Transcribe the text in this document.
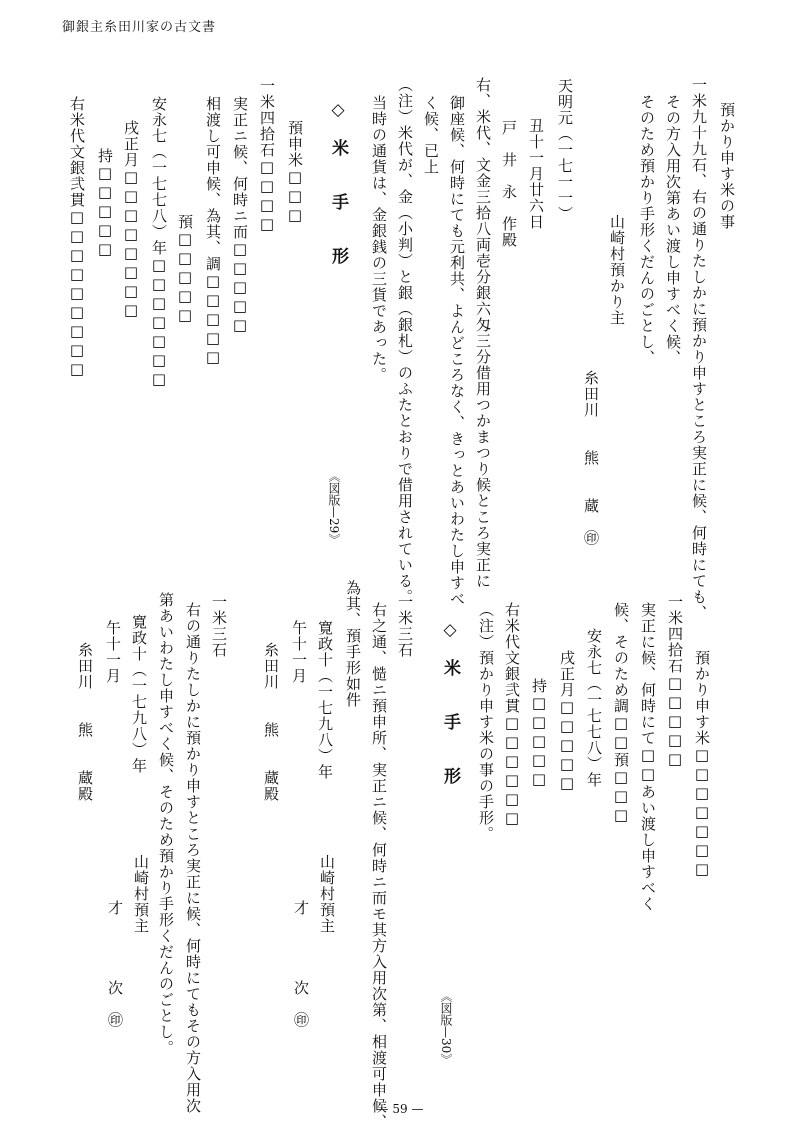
御銀主糸田川家の古文書
預かり申す米の事
一米九十九石、右の通りたしかに預かり申すところ実正に候、何時にても、
その方入用次第あい渡し申すべく候、
そのため預かり手形くだんのごとし、
山崎村預かり主
糸田川　　熊　　蔵　㊞
天明元（一七一一）
丑十一月廿六日
戸　井　永　作殿
右、米代、文金三拾八両壱分銀六匁三分借用つかまつり候ところ実正に
御座候、何時にても元利共、よんどころなく、きっとあいわたし申すべ
く候、已上
（注）米代が、金（小判）と銀（銀札）のふたとおりで借用されている。
当時の通貨は、金銀銭の三貨であった。
◇　米　　手　　形
《図版—29》
預申米□□□
一米四拾石□□□□
実正ニ候、何時ニ而□□□□□
相渡し可申候、為其、調□□□□□
預□□□□□
安永七（一七七八）年□□□□□□□
戌正月□□□□□□□□
持□□□□□
右米代文銀弐貫□□□□□□□□□
預かり申す米□□□□□□□
一米四拾石□□□□□
実正に候、何時にて□□あい渡し申すべく
候、そのため調□□預□□□
安永七（一七七八）年
戌正月□□□□□
持□□□□□
右米代文銀弐貫□□□□□□
（注）預かり申す米の事の手形。
◇　米　　手　　形
《図版—30》
一米三石
右之通、慥ニ預申所、実正ニ候、何時ニ而モ其方入用次第、相渡可申候、
為其、預手形如件
寛政十（一七九八）年
山崎村預主
才　　　　次　㊞
午十一月
糸田川　　熊　　蔵殿
一米三石
右の通りたしかに預かり申すところ実正に候、何時にてもその方入用次
第あいわたし申すべく候、そのため預かり手形くだんのごとし。
寛政十（一七九八）年
山崎村預主
才　　　　次　㊞
午十一月
糸田川　　熊　　蔵殿
— 59 —
